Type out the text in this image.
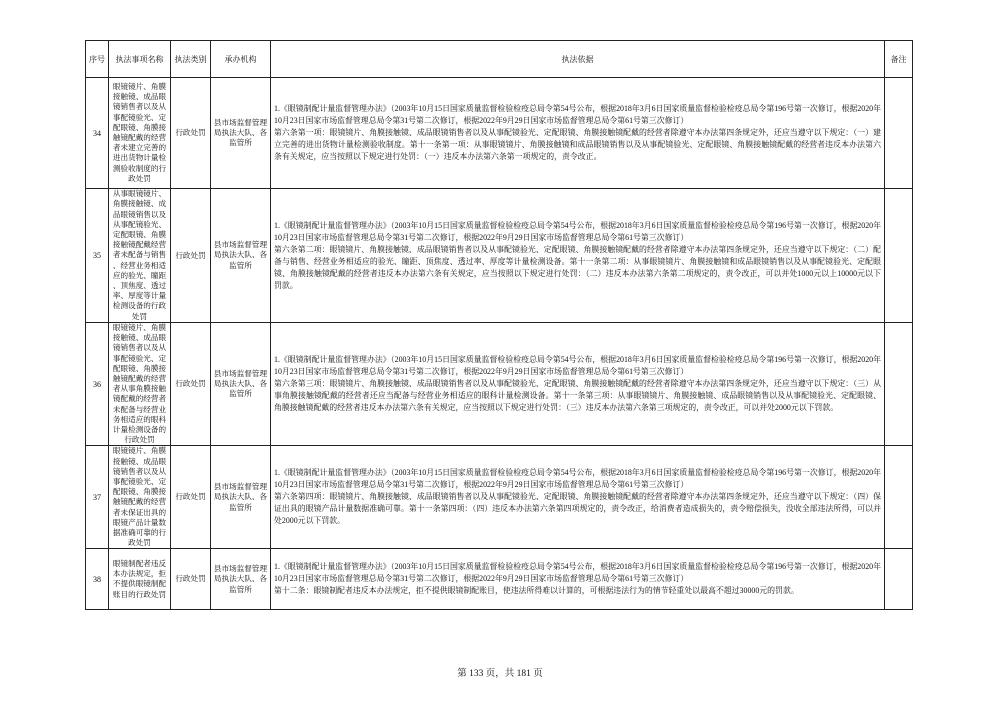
序号	执法事项名称	执法类别	承办机构	执法依据	备注
34	眼镜镜片、角膜接触镜、成品眼镜销售者以及从事配镜验光、定配眼镜、角膜接触镜配戴的经营者未建立完善的进出货物计量检测验收制度的行政处罚	行政处罚	县市场监督管理局执法大队、各监管所	1.《眼镜制配计量监督管理办法》（2003年10月15日国家质量监督检验检疫总局令第54号公布，根据2018年3月6日国家质量监督检验检疫总局令第196号第一次修订，根据2020年10月23日国家市场监督管理总局令第31号第二次修订，根据2022年9月29日国家市场监督管理总局令第61号第三次修订）

第六条第一项：眼镜镜片、角膜接触镜、成品眼镜销售者以及从事配镜验光、定配眼镜、角膜接触镜配戴的经营者除遵守本办法第四条规定外，还应当遵守以下规定：（一）建立完善的进出货物计量检测验收制度。第十一条第一项：从事眼镜镜片、角膜接触镜和成品眼镜销售以及从事配镜验光、定配眼镜、角膜接触镜配戴的经营者违反本办法第六条有关规定，应当按照以下规定进行处罚：（一）违反本办法第六条第一项规定的，责令改正。	

35	从事眼镜镜片、角膜接触镜、成品眼镜销售以及从事配镜验光、定配眼镜、角膜接触镜配戴经营者未配备与销售、经营业务相适应的验光、瞳距、顶焦度、透过率、厚度等计量检测设备的行政处罚	行政处罚	县市场监督管理局执法大队、各监管所	1.《眼镜制配计量监督管理办法》（2003年10月15日国家质量监督检验检疫总局令第54号公布，根据2018年3月6日国家质量监督检验检疫总局令第196号第一次修订，根据2020年10月23日国家市场监督管理总局令第31号第二次修订，根据2022年9月29日国家市场监督管理总局令第61号第三次修订）

第六条第二项：眼镜镜片、角膜接触镜、成品眼镜销售者以及从事配镜验光、定配眼镜、角膜接触镜配戴的经营者除遵守本办法第四条规定外，还应当遵守以下规定：（二）配备与销售、经营业务相适应的验光、瞳距、顶焦度、透过率、厚度等计量检测设备。第十一条第二项：从事眼镜镜片、角膜接触镜和成品眼镜销售以及从事配镜验光、定配眼镜、角膜接触镜配戴的经营者违反本办法第六条有关规定，应当按照以下规定进行处罚：（二）违反本办法第六条第二项规定的，责令改正，可以并处1000元以上10000元以下罚款。	

36	眼镜镜片、角膜接触镜、成品眼镜销售者以及从事配镜验光、定配眼镜、角膜接触镜配戴的经营者从事角膜接触镜配戴的经营者未配备与经营业务相适应的眼科计量检测设备的行政处罚	行政处罚	县市场监督管理局执法大队、各监管所	1.《眼镜制配计量监督管理办法》（2003年10月15日国家质量监督检验检疫总局令第54号公布，根据2018年3月6日国家质量监督检验检疫总局令第196号第一次修订，根据2020年10月23日国家市场监督管理总局令第31号第二次修订，根据2022年9月29日国家市场监督管理总局令第61号第三次修订）

第六条第三项：眼镜镜片、角膜接触镜、成品眼镜销售者以及从事配镜验光、定配眼镜、角膜接触镜配戴的经营者除遵守本办法第四条规定外，还应当遵守以下规定：（三）从事角膜接触镜配戴的经营者还应当配备与经营业务相适应的眼科计量检测设备。第十一条第三项：从事眼镜镜片、角膜接触镜、成品眼镜销售以及从事配镜验光、定配眼镜、角膜接触镜配戴的经营者违反本办法第六条有关规定，应当按照以下规定进行处罚：（三）违反本办法第六条第三项规定的，责令改正，可以并处2000元以下罚款。	

37	眼镜镜片、角膜接触镜、成品眼镜销售者以及从事配镜验光、定配眼镜、角膜接触镜配戴的经营者未保证出具的眼镜产品计量数据准确可靠的行政处罚	行政处罚	县市场监督管理局执法大队、各监管所	1.《眼镜制配计量监督管理办法》（2003年10月15日国家质量监督检验检疫总局令第54号公布，根据2018年3月6日国家质量监督检验检疫总局令第196号第一次修订，根据2020年10月23日国家市场监督管理总局令第31号第二次修订，根据2022年9月29日国家市场监督管理总局令第61号第三次修订）

第六条第四项：眼镜镜片、角膜接触镜、成品眼镜销售者以及从事配镜验光、定配眼镜、角膜接触镜配戴的经营者除遵守本办法第四条规定外，还应当遵守以下规定：（四）保证出具的眼镜产品计量数据准确可靠。第十一条第四项：（四）违反本办法第六条第四项规定的，责令改正，给消费者造成损失的，责令赔偿损失，没收全部违法所得，可以并处2000元以下罚款。	

38	眼镜制配者违反本办法规定，拒不提供眼镜制配账目的行政处罚	行政处罚	县市场监督管理局执法大队、各监管所	1.《眼镜制配计量监督管理办法》（2003年10月15日国家质量监督检验检疫总局令第54号公布，根据2018年3月6日国家质量监督检验检疫总局令第196号第一次修订，根据2020年10月23日国家市场监督管理总局令第31号第二次修订，根据2022年9月29日国家市场监督管理总局令第61号第三次修订）

第十二条：眼镜制配者违反本办法规定，拒不提供眼镜制配账目，使违法所得难以计算的，可根据违法行为的情节轻重处以最高不超过30000元的罚款。	

第 133 页，共 181 页
